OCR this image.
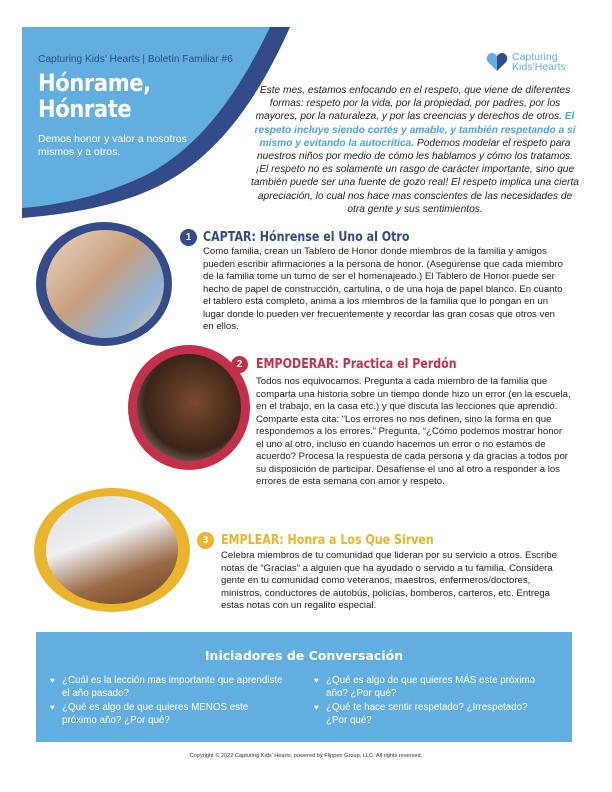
Capturing Kids’ Hearts | Boletín Familiar #6
Hónrame,
Hónrate
Demos honor y valor a nosotros mismos y a otros.
Capturing
Kids’Hearts
Este mes, estamos enfocando en el respeto, que viene de diferentes formas: respeto por la vida, por la propiedad, por padres, por los mayores, por la naturaleza, y por las creencias y derechos de otros. El respeto incluye siendo cortés y amable, y también respetando a sí mismo y evitando la autocrítica. Podemos modelar el respeto para nuestros niños por medio de cómo les hablamos y cómo los tratamos. ¡El respeto no es solamente un rasgo de carácter importante, sino que también puede ser una fuente de gozo real! El respeto implica una cierta apreciación, lo cual nos hace mas conscientes de las necesidades de otra gente y sus sentimientos.
1 CAPTAR: Hónrense el Uno al Otro
Como familia, crean un Tablero de Honor donde miembros de la familia y amigos pueden escribir afirmaciones a la persona de honor. (Asegúrense que cada miembro de la familia tome un turno de ser el homenajeado.) El Tablero de Honor puede ser hecho de papel de construcción, cartulina, o de una hoja de papel blanco. En cuanto el tablero está completo, anima a los miembros de la familia que lo pongan en un lugar donde lo pueden ver frecuentemente y recordar las gran cosas que otros ven en ellos.
2	EMPODERAR: Practica el Perdón
Todos nos equivocamos. Pregunta a cada miembro de la familia que comparta una historia sobre un tiempo donde hizo un error (en la escuela, en el trabajo, en la casa etc.) y que discuta las lecciones que aprendió. Comparte esta cita: “Los errores no nos definen, sino la forma en que respondemos a los errores.” Pregunta, “¿Cómo podemos mostrar honor el uno al otro, incluso en cuando hacemos un error o no estamos de acuerdo? Procesa la respuesta de cada persona y da gracias a todos por su disposición de participar. Desafíense el uno al otro a responder a los errores de esta semana con amor y respeto.
3 EMPLEAR: Honra a Los Que Sirven
Celebra miembros de tu comunidad que lideran por su servicio a otros. Escribe notas de “Gracias” a alguien que ha ayudado o servido a tu familia. Considera gente en tu comunidad como veteranos, maestros, enfermeros/doctores, ministros, conductores de autobús, policías, bomberos, carteros, etc. Entrega estas notas con un regalito especial.
Iniciadores de Conversación
♥ ¿Cuál es la lección mas importante que aprendiste el año pasado?
♥ ¿Qué es algo de que quieres MENOS este próximo año? ¿Por qué?
♥ ¿Qué es algo de que quieres MÁS este próximo año? ¿Por qué?
♥ ¿Qué te hace sentir respetado? ¿Irrespetado? ¿Por qué?
Copyright © 2022 Capturing Kids’ Hearts, powered by Flippen Group, LLC. All rights reserved.
